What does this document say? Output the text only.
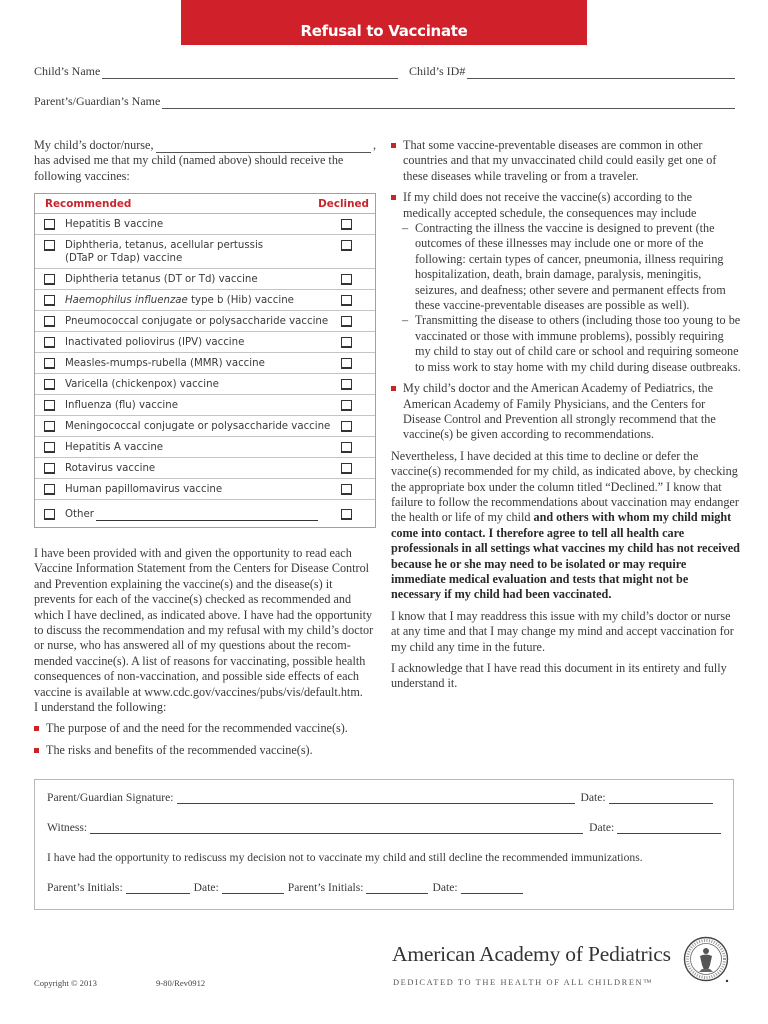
Refusal to Vaccinate
Child’s Name	Child’s ID#
Parent’s/Guardian’s Name
My child’s doctor/nurse,	,
has advised me that my child (named above) should receive the following vaccines:
Recommended	Declined
Hepatitis B vaccine
Diphtheria, tetanus, acellular pertussis
(DTaP or Tdap) vaccine
Diphtheria tetanus (DT or Td) vaccine
Haemophilus influenzae type b (Hib) vaccine
Pneumococcal conjugate or polysaccharide vaccine
Inactivated poliovirus (IPV) vaccine
Measles-mumps-rubella (MMR) vaccine
Varicella (chickenpox) vaccine
Influenza (flu) vaccine
Meningococcal conjugate or polysaccharide vaccine
Hepatitis A vaccine
Rotavirus vaccine
Human papillomavirus vaccine
Other
I have been provided with and given the opportunity to read each Vaccine Information Statement from the Centers for Disease Control and Prevention explaining the vaccine(s) and the disease(s) it prevents for each of the vaccine(s) checked as recommended and which I have declined, as indicated above. I have had the opportunity to discuss the recommendation and my refusal with my child’s doctor or nurse, who has answered all of my questions about the recommended vaccine(s). A list of reasons for vaccinating, possible health consequences of non-vaccination, and possible side effects of each vaccine is available at www.cdc.gov/vaccines/pubs/vis/default.htm.
I understand the following:
The purpose of and the need for the recommended vaccine(s).
The risks and benefits of the recommended vaccine(s).
That some vaccine-preventable diseases are common in other countries and that my unvaccinated child could easily get one of these diseases while traveling or from a traveler.
If my child does not receive the vaccine(s) according to the medically accepted schedule, the consequences may include
– Contracting the illness the vaccine is designed to prevent (the outcomes of these illnesses may include one or more of the following: certain types of cancer, pneumonia, illness requiring hospitalization, death, brain damage, paralysis, meningitis, seizures, and deafness; other severe and permanent effects from these vaccine-preventable diseases are possible as well).
– Transmitting the disease to others (including those too young to be vaccinated or those with immune problems), possibly requiring my child to stay out of child care or school and requiring someone to miss work to stay home with my child during disease outbreaks.
My child’s doctor and the American Academy of Pediatrics, the American Academy of Family Physicians, and the Centers for Disease Control and Prevention all strongly recommend that the vaccine(s) be given according to recommendations.
Nevertheless, I have decided at this time to decline or defer the vaccine(s) recommended for my child, as indicated above, by checking the appropriate box under the column titled “Declined.” I know that failure to follow the recommendations about vaccination may endanger the health or life of my child and others with whom my child might come into contact. I therefore agree to tell all health care professionals in all settings what vaccines my child has not received because he or she may need to be isolated or may require immediate medical evaluation and tests that might not be necessary if my child had been vaccinated.
I know that I may readdress this issue with my child’s doctor or nurse at any time and that I may change my mind and accept vaccination for my child any time in the future.
I acknowledge that I have read this document in its entirety and fully understand it.
Parent/Guardian Signature:	Date:
Witness:	Date:
I have had the opportunity to rediscuss my decision not to vaccinate my child and still decline the recommended immunizations.
Parent’s Initials:	Date:	Parent’s Initials:	Date:
Copyright © 2013	9-80/Rev0912
American Academy of Pediatrics
DEDICATED TO THE HEALTH OF ALL CHILDREN™
